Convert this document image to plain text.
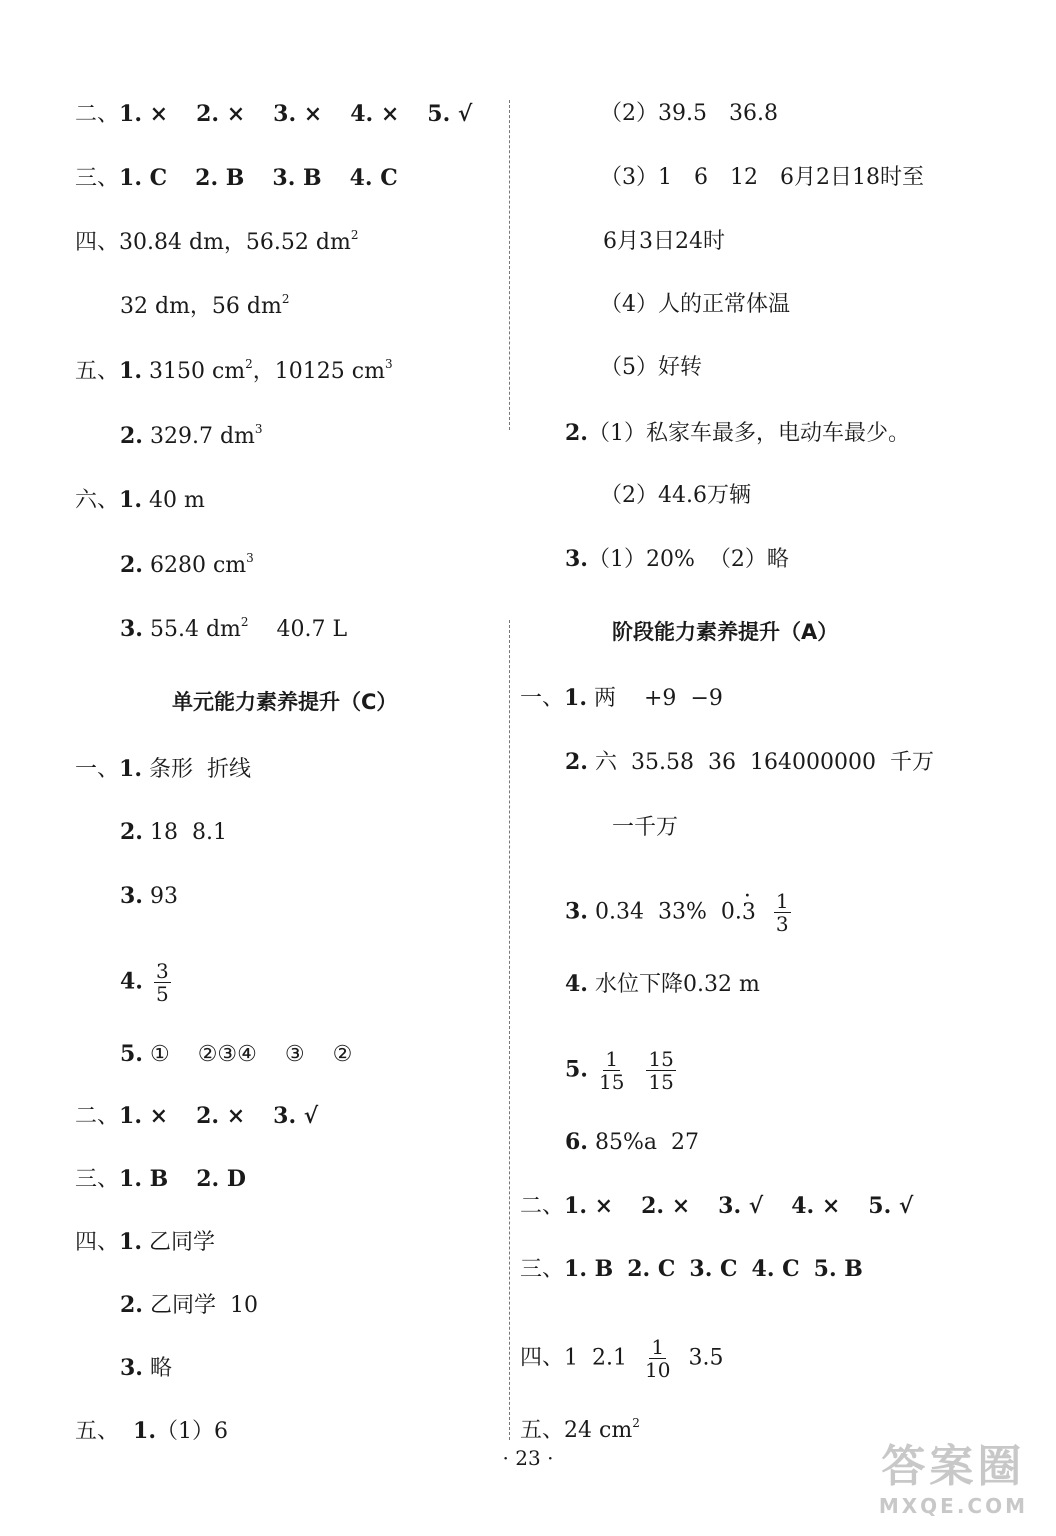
二、1. × 2. × 3. × 4. × 5. √
三、1. C 2. B 3. B 4. C
四、30.84 dm，56.52 $dm^2$
32 dm，56 $dm^2$
五、1. 3150 $cm^2$，10125 $cm^3$
2. 329.7 $dm^3$
六、1. 40 m
2. 6280 $cm^3$
3. 55.4 $dm^2$ 40.7 L
单元能力素养提升（C）
一、1. 条形 折线
2. 18 8.1
3. 93
4. $\frac{3}{5}$
5. ① ②③④ ③ ②
二、1. × 2. × 3. √
三、1. B 2. D
四、1. 乙同学
2. 乙同学 10
3. 略
五、 1.（1）6
（2）39.5　36.8
（3）1　6　12　6月2日18时至
6月3日24时
（4）人的正常体温
（5）好转
2.（1）私家车最多，电动车最少。
（2）44.6万辆
3.（1）20% （2）略
阶段能力素养提升（A）
一、1. 两 +9 −9
2. 六 35.58 36 164000000 千万
一千万
3. 0.34 33% $0.\cdot 3 \frac{1}{3}$
4. 水位下降0.32 m
5. $\frac{1}{15} \frac{15}{15}$
6. 85%a 27
二、1. × 2. × 3. √ 4. × 5. √
三、1. B 2. C 3. C 4. C 5. B
四、1 $2.1 \frac{1}{10} 3.5$
五、24 $cm^2$
· 23 ·	答案圈
MXQE.COM
